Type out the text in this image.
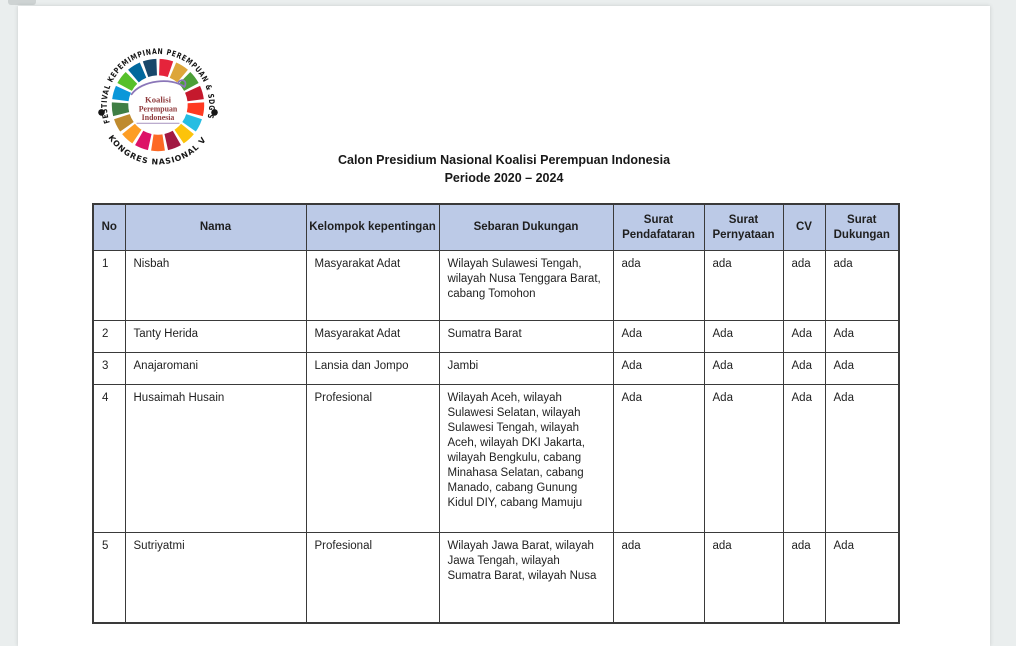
FESTIVAL KEPEMIMPINAN PEREMPUAN & SDG'S
KONGRES NASIONAL V
Koalisi
Perempuan
Indonesia
Calon Presidium Nasional Koalisi Perempuan Indonesia
Periode 2020 – 2024
No	Nama	Kelompok kepentingan	Sebaran Dukungan	Surat Pendafataran	Surat Pernyataan	CV	Surat Dukungan
1	Nisbah	Masyarakat Adat	Wilayah Sulawesi Tengah, wilayah Nusa Tenggara Barat, cabang Tomohon	ada	ada	ada	ada
2	Tanty Herida	Masyarakat Adat	Sumatra Barat	Ada	Ada	Ada	Ada
3	Anajaromani	Lansia dan Jompo	Jambi	Ada	Ada	Ada	Ada
4	Husaimah Husain	Profesional	Wilayah Aceh, wilayah Sulawesi Selatan, wilayah Sulawesi Tengah, wilayah Aceh, wilayah DKI Jakarta, wilayah Bengkulu, cabang Minahasa Selatan, cabang Manado, cabang Gunung Kidul DIY, cabang Mamuju	Ada	Ada	Ada	Ada
5	Sutriyatmi	Profesional	Wilayah Jawa Barat, wilayah Jawa Tengah, wilayah Sumatra Barat, wilayah Nusa	ada	ada	ada	Ada
